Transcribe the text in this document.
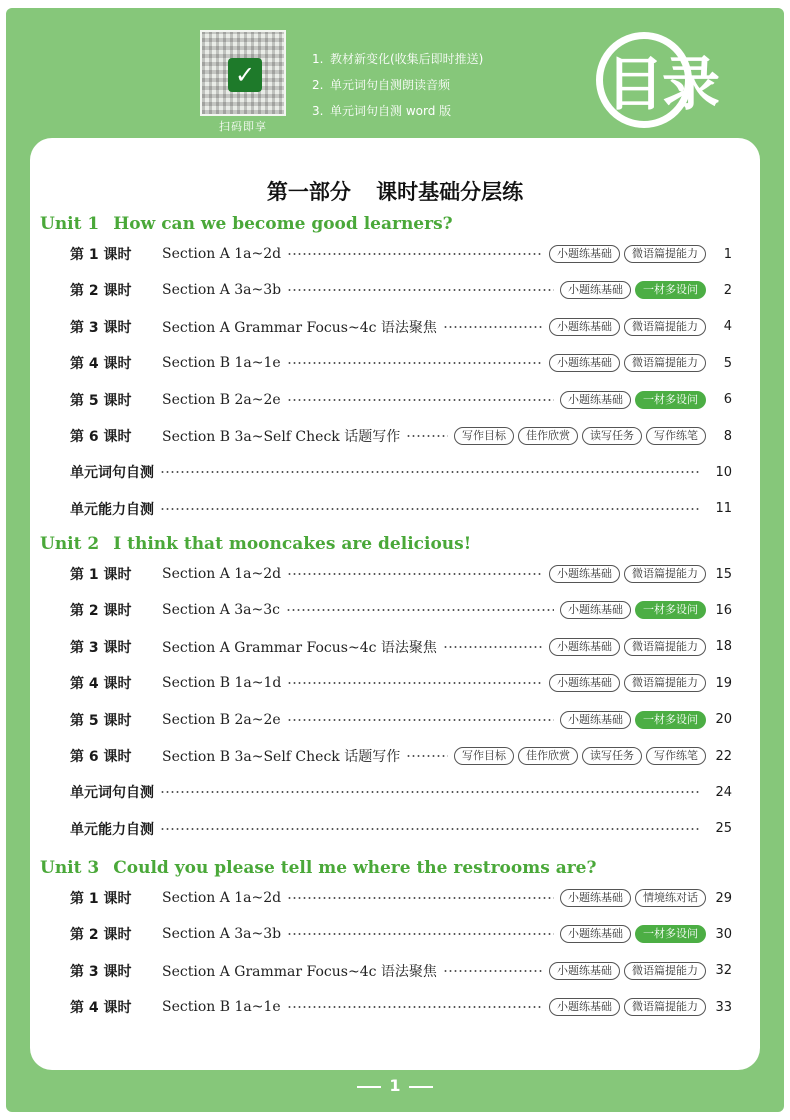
✓
扫码即享
1. 教材新变化(收集后即时推送)
2. 单元词句自测朗读音频
3. 单元词句自测 word 版	目录
第一部分 课时基础分层练
Unit 1 How can we become good learners?
第 1 课时	Section A 1a~2d	小题练基础	微语篇提能力	1
第 2 课时	Section A 3a~3b	小题练基础	一材多设问	2
第 3 课时	Section A Grammar Focus~4c 语法聚焦	小题练基础	微语篇提能力	4
第 4 课时	Section B 1a~1e	小题练基础	微语篇提能力	5
第 5 课时	Section B 2a~2e	小题练基础	一材多设问	6
第 6 课时	Section B 3a~Self Check 话题写作	写作目标	佳作欣赏	读写任务	写作练笔	8
单元词句自测	10
单元能力自测	11
Unit 2 I think that mooncakes are delicious!
第 1 课时	Section A 1a~2d	小题练基础	微语篇提能力	15
第 2 课时	Section A 3a~3c	小题练基础	一材多设问	16
第 3 课时	Section A Grammar Focus~4c 语法聚焦	小题练基础	微语篇提能力	18
第 4 课时	Section B 1a~1d	小题练基础	微语篇提能力	19
第 5 课时	Section B 2a~2e	小题练基础	一材多设问	20
第 6 课时	Section B 3a~Self Check 话题写作	写作目标	佳作欣赏	读写任务	写作练笔	22
单元词句自测	24
单元能力自测	25
Unit 3 Could you please tell me where the restrooms are?
第 1 课时	Section A 1a~2d	小题练基础	情境练对话	29
第 2 课时	Section A 3a~3b	小题练基础	一材多设问	30
第 3 课时	Section A Grammar Focus~4c 语法聚焦	小题练基础	微语篇提能力	32
第 4 课时	Section B 1a~1e	小题练基础	微语篇提能力	33
1
